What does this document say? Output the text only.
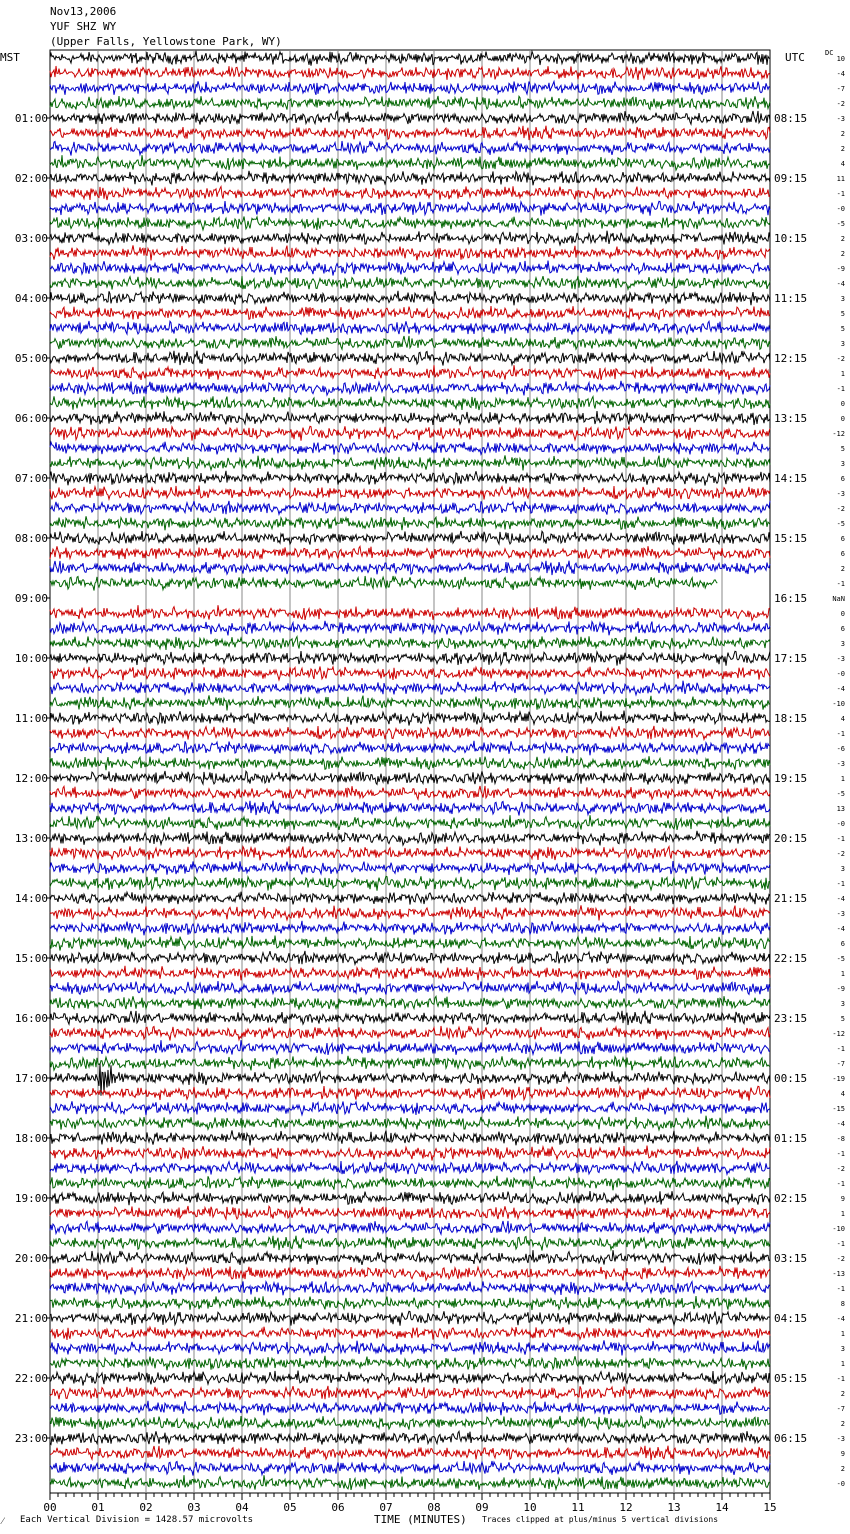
Nov13,2006
YUF SHZ WY
(Upper Falls, Yellowstone Park, WY)
00	01	02	03	04	05	06	07	08	09	10	11	12	13	14	15
10
-4
-7
-2
-3
2
2
4
11
-1
-0
-5
2
2
-9
-4
3
5
5
3
-2
1
-1
0
0
-12
5
3
6
-3
-2
-5
6
6
2
-1
NaN
0
6
3
-3
-0
-4
-10
4
-1
-6
-3
1
-5
13
-0
-1
-2
3
-1
-4
-3
-4
6
-5
1
-9
3
5
-12
-1
-7
-19
4
-15
-4
-8
-1
-2
-1
9
1
-10
-1
-2
-13
-1
8
-4
1
3
1
-1
2
-7
2
-3
9
2
-0
01:00
02:00
03:00
04:00
05:00
06:00
07:00
08:00
09:00
10:00
11:00
12:00
13:00
14:00
15:00
16:00
17:00
18:00
19:00
20:00
21:00
22:00
23:00
08:15
09:15
10:15
11:15
12:15
13:15
14:15
15:15
16:15
17:15
18:15
19:15
20:15
21:15
22:15
23:15
00:15
01:15
02:15
03:15
04:15
05:15
06:15
MST	UTC	DC
TIME (MINUTES)
⁄ Each Vertical Division = 1428.57 microvolts	Traces clipped at plus/minus 5 vertical divisions
